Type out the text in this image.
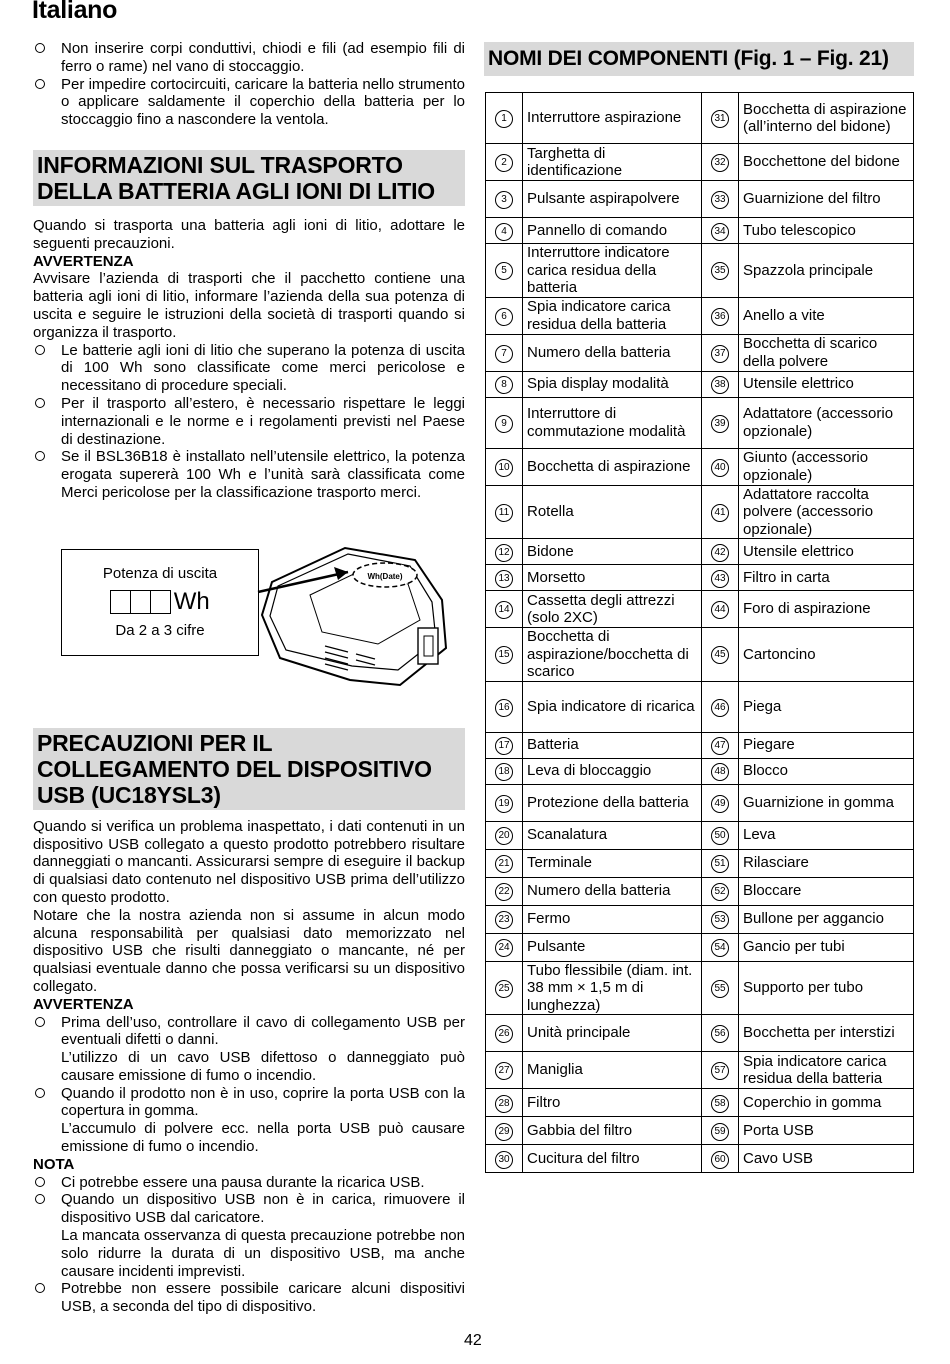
Italiano
Non inserire corpi conduttivi, chiodi e fili (ad esempio fili di ferro o rame) nel vano di stoccaggio.
Per impedire cortocircuiti, caricare la batteria nello strumento o applicare saldamente il coperchio della batteria per lo stoccaggio fino a nascondere la ventola.
INFORMAZIONI SUL TRASPORTO
DELLA BATTERIA AGLI IONI DI LITIO
Quando si trasporta una batteria agli ioni di litio, adottare le seguenti precauzioni.
AVVERTENZA
Avvisare l’azienda di trasporti che il pacchetto contiene una batteria agli ioni di litio, informare l’azienda della sua potenza di uscita e seguire le istruzioni della società di trasporti quando si organizza il trasporto.
Le batterie agli ioni di litio che superano la potenza di uscita di 100 Wh sono classificate come merci pericolose e necessitano di procedure speciali.
Per il trasporto all’estero, è necessario rispettare le leggi internazionali e le norme e i regolamenti previsti nel Paese di destinazione.
Se il BSL36B18 è installato nell’utensile elettrico, la potenza erogata supererà 100 Wh e l’unità sarà classificata come Merci pericolose per la classificazione trasporto merci.
PRECAUZIONI PER IL
COLLEGAMENTO DEL DISPOSITIVO
USB (UC18YSL3)
Quando si verifica un problema inaspettato, i dati contenuti in un dispositivo USB collegato a questo prodotto potrebbero risultare danneggiati o mancanti. Assicurarsi sempre di eseguire il backup di qualsiasi dato contenuto nel dispositivo USB prima dell’utilizzo con questo prodotto.
Notare che la nostra azienda non si assume in alcun modo alcuna responsabilità per qualsiasi dato memorizzato nel dispositivo USB che risulti danneggiato o mancante, né per qualsiasi eventuale danno che possa verificarsi su un dispositivo collegato.
AVVERTENZA
Prima dell’uso, controllare il cavo di collegamento USB per eventuali difetti o danni.
L’utilizzo di un cavo USB difettoso o danneggiato può causare emissione di fumo o incendio.
Quando il prodotto non è in uso, coprire la porta USB con la copertura in gomma.
L’accumulo di polvere ecc. nella porta USB può causare emissione di fumo o incendio.
NOTA
Ci potrebbe essere una pausa durante la ricarica USB.
Quando un dispositivo USB non è in carica, rimuovere il dispositivo USB dal caricatore.
La mancata osservanza di questa precauzione potrebbe non solo ridurre la durata di un dispositivo USB, ma anche causare incidenti imprevisti.
Potrebbe non essere possibile caricare alcuni dispositivi USB, a seconda del tipo di dispositivo.
Wh(Date)
Potenza di uscita
Wh
Da 2 a 3 cifre
NOMI DEI COMPONENTI (Fig. 1 – Fig. 21)
1	Interruttore aspirazione	31	Bocchetta di aspirazione (all’interno del bidone)
2	Targhetta di identificazione	32	Bocchettone del bidone
3	Pulsante aspirapolvere	33	Guarnizione del filtro
4	Pannello di comando	34	Tubo telescopico
5	Interruttore indicatore carica residua della batteria	35	Spazzola principale
6	Spia indicatore carica residua della batteria	36	Anello a vite
7	Numero della batteria	37	Bocchetta di scarico della polvere
8	Spia display modalità	38	Utensile elettrico
9	Interruttore di commutazione modalità	39	Adattatore (accessorio opzionale)
10	Bocchetta di aspirazione	40	Giunto (accessorio opzionale)
11	Rotella	41	Adattatore raccolta polvere (accessorio opzionale)
12	Bidone	42	Utensile elettrico
13	Morsetto	43	Filtro in carta
14	Cassetta degli attrezzi (solo 2XC)	44	Foro di aspirazione
15	Bocchetta di aspirazione/bocchetta di scarico	45	Cartoncino
16	Spia indicatore di ricarica	46	Piega
17	Batteria	47	Piegare
18	Leva di bloccaggio	48	Blocco
19	Protezione della batteria	49	Guarnizione in gomma
20	Scanalatura	50	Leva
21	Terminale	51	Rilasciare
22	Numero della batteria	52	Bloccare
23	Fermo	53	Bullone per aggancio
24	Pulsante	54	Gancio per tubi
25	Tubo flessibile (diam. int. 38 mm × 1,5 m di lunghezza)	55	Supporto per tubo
26	Unità principale	56	Bocchetta per interstizi
27	Maniglia	57	Spia indicatore carica residua della batteria
28	Filtro	58	Coperchio in gomma
29	Gabbia del filtro	59	Porta USB
30	Cucitura del filtro	60	Cavo USB
42
